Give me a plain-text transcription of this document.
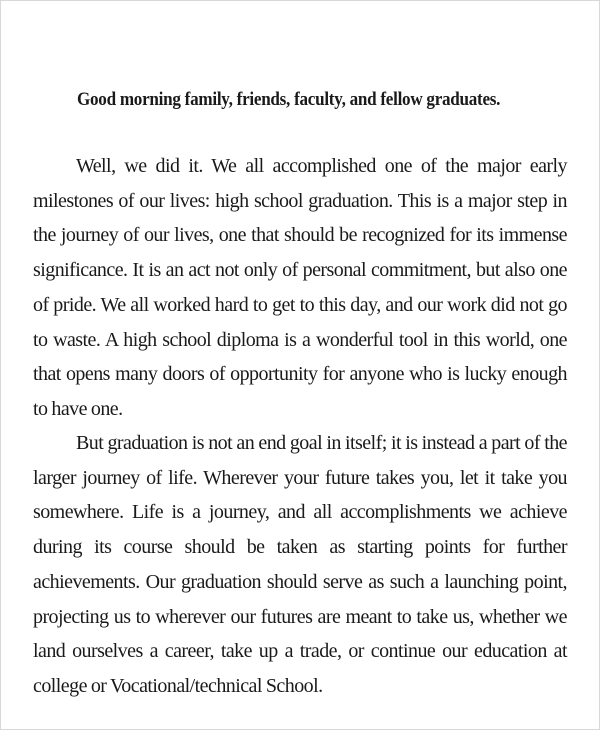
Good morning family, friends, faculty, and fellow graduates.

Well, we did it. We all accomplished one of the major early milestones of our lives: high school graduation. This is a major step in the journey of our lives, one that should be recognized for its immense significance. It is an act not only of personal commitment, but also one of pride. We all worked hard to get to this day, and our work did not go to waste. A high school diploma is a wonderful tool in this world, one that opens many doors of opportunity for anyone who is lucky enough to have one.

But graduation is not an end goal in itself; it is instead a part of the larger journey of life. Wherever your future takes you, let it take you somewhere. Life is a journey, and all accomplishments we achieve during its course should be taken as starting points for further achievements. Our graduation should serve as such a launching point, projecting us to wherever our futures are meant to take us, whether we land ourselves a career, take up a trade, or continue our education at college or Vocational/technical School.
